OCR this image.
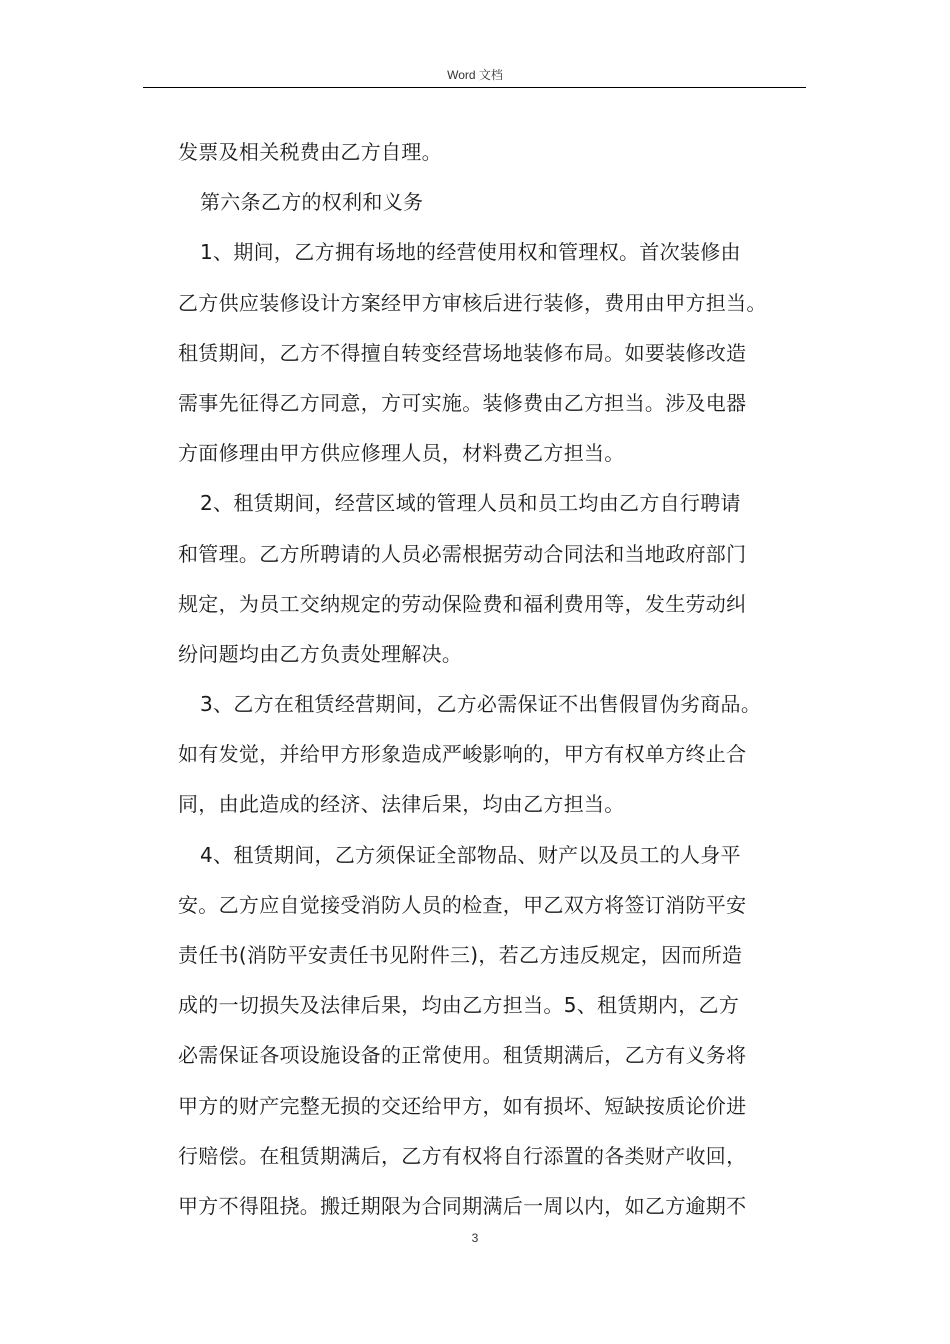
Word 文档
发票及相关税费由乙方自理。
第六条乙方的权利和义务
1、期间，乙方拥有场地的经营使用权和管理权。首次装修由
乙方供应装修设计方案经甲方审核后进行装修，费用由甲方担当。
租赁期间，乙方不得擅自转变经营场地装修布局。如要装修改造
需事先征得乙方同意，方可实施。装修费由乙方担当。涉及电器
方面修理由甲方供应修理人员，材料费乙方担当。
2、租赁期间，经营区域的管理人员和员工均由乙方自行聘请
和管理。乙方所聘请的人员必需根据劳动合同法和当地政府部门
规定，为员工交纳规定的劳动保险费和福利费用等，发生劳动纠
纷问题均由乙方负责处理解决。
3、乙方在租赁经营期间，乙方必需保证不出售假冒伪劣商品。
如有发觉，并给甲方形象造成严峻影响的，甲方有权单方终止合
同，由此造成的经济、法律后果，均由乙方担当。
4、租赁期间，乙方须保证全部物品、财产以及员工的人身平
安。乙方应自觉接受消防人员的检查，甲乙双方将签订消防平安
责任书(消防平安责任书见附件三)，若乙方违反规定，因而所造
成的一切损失及法律后果，均由乙方担当。5、租赁期内，乙方
必需保证各项设施设备的正常使用。租赁期满后，乙方有义务将
甲方的财产完整无损的交还给甲方，如有损坏、短缺按质论价进
行赔偿。在租赁期满后，乙方有权将自行添置的各类财产收回，
甲方不得阻挠。搬迁期限为合同期满后一周以内，如乙方逾期不
3
